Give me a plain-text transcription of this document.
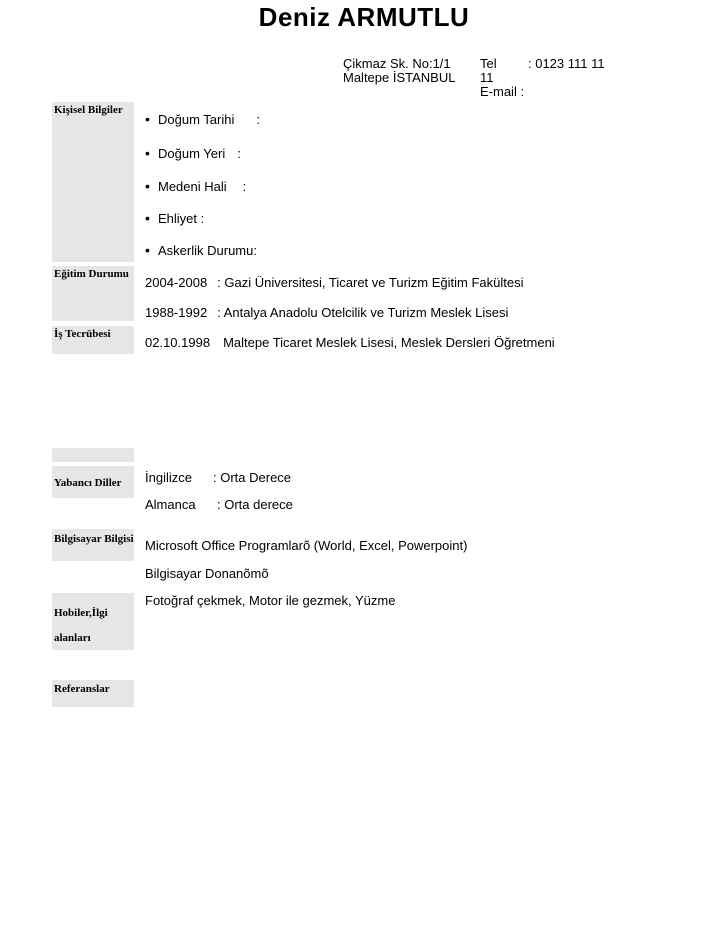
Deniz ARMUTLU
Çikmaz Sk. No:1/1
Maltepe İSTANBUL
Tel : 0123 111 11
11
E-mail :
Kişisel Bilgiler
• Doğum Tarihi :
• Doğum Yeri :
• Medeni Hali :
• Ehliyet :
• Askerlik Durumu:
Eğitim Durumu
2004-2008 : Gazi Üniversitesi, Ticaret ve Turizm Eğitim Fakültesi
1988-1992 : Antalya Anadolu Otelcilik ve Turizm Meslek Lisesi
İş Tecrübesi
02.10.1998 Maltepe Ticaret Meslek Lisesi, Meslek Dersleri Öğretmeni
Yabancı Diller	İngilizce : Orta Derece
Almanca : Orta derece
Bilgisayar Bilgisi Microsoft Office Programlarõ (World, Excel, Powerpoint)
Bilgisayar Donanõmõ
Hobiler,İlgi
alanları
Fotoğraf çekmek, Motor ile gezmek, Yüzme
Referanslar
